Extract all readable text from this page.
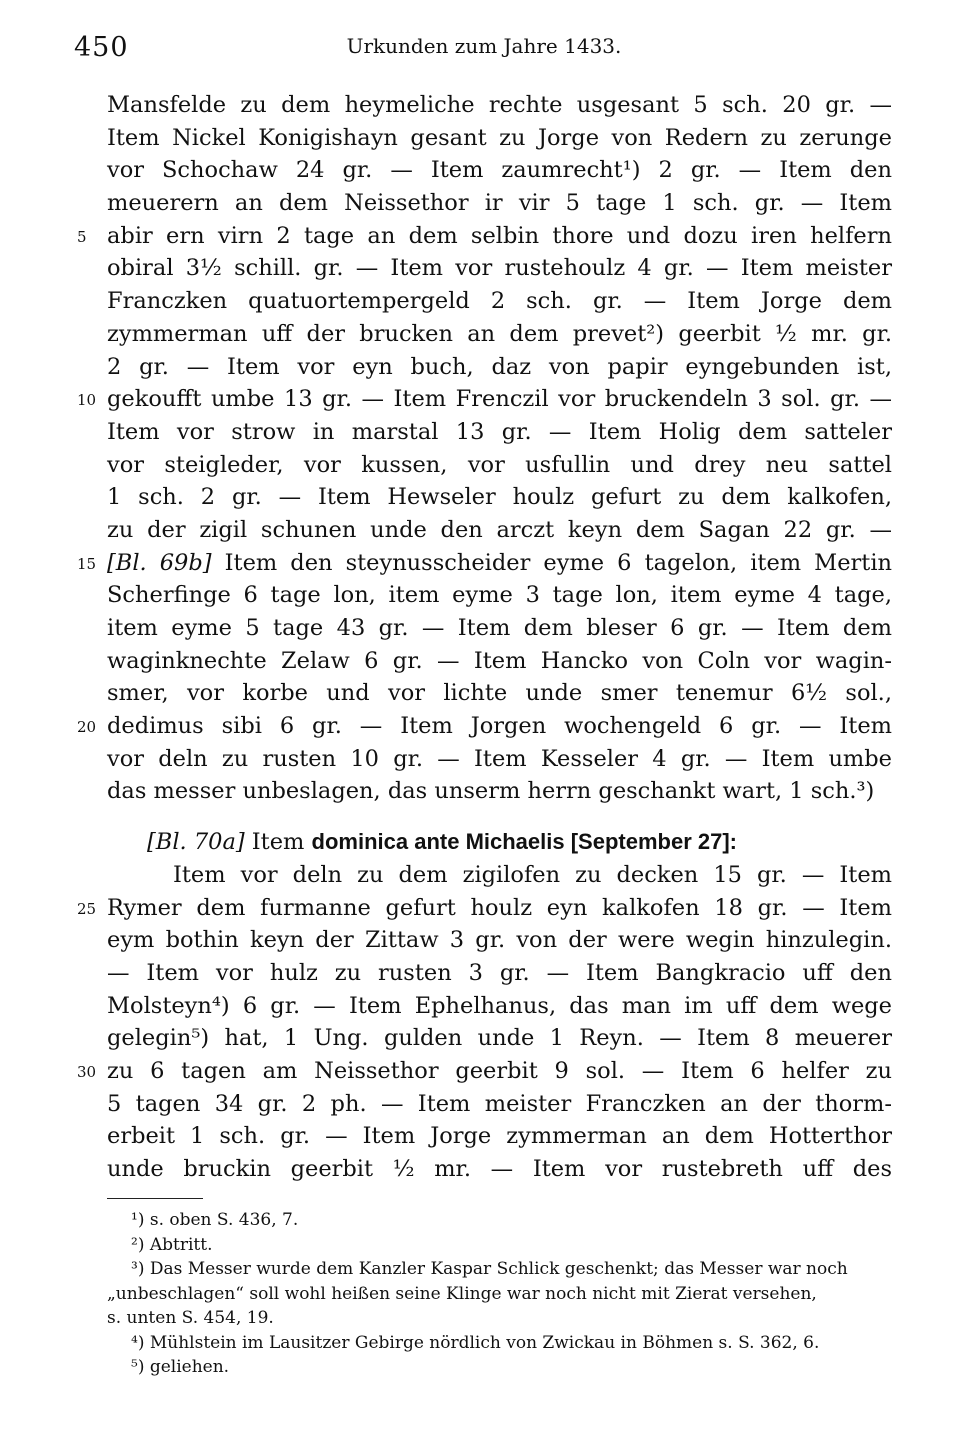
450	Urkunden zum Jahre 1433.
Mansfelde zu dem heymeliche rechte usgesant 5 sch. 20 gr. —
Item Nickel Konigishayn gesant zu Jorge von Redern zu zerunge
vor Schochaw 24 gr. — Item zaumrecht¹) 2 gr. — Item den
meuerern an dem Neissethor ir vir 5 tage 1 sch. gr. — Item
5 abir ern virn 2 tage an dem selbin thore und dozu iren helfern
obiral 3½ schill. gr. — Item vor rustehoulz 4 gr. — Item meister
Franczken quatuortempergeld 2 sch. gr. — Item Jorge dem
zymmerman uff der brucken an dem prevet²) geerbit ½ mr. gr.
2 gr. — Item vor eyn buch, daz von papir eyngebunden ist,
10 gekoufft umbe 13 gr. — Item Frenczil vor bruckendeln 3 sol. gr. —
Item vor strow in marstal 13 gr. — Item Holig dem satteler
vor steigleder, vor kussen, vor usfullin und drey neu sattel
1 sch. 2 gr. — Item Hewseler houlz gefurt zu dem kalkofen,
zu der zigil schunen unde den arczt keyn dem Sagan 22 gr. —
15 [Bl. 69b] Item den steynusscheider eyme 6 tagelon, item Mertin
Scherfinge 6 tage lon, item eyme 3 tage lon, item eyme 4 tage,
item eyme 5 tage 43 gr. — Item dem bleser 6 gr. — Item dem
waginknechte Zelaw 6 gr. — Item Hancko von Coln vor wagin-
smer, vor korbe und vor lichte unde smer tenemur 6½ sol.,
20 dedimus sibi 6 gr. — Item Jorgen wochengeld 6 gr. — Item
vor deln zu rusten 10 gr. — Item Kesseler 4 gr. — Item umbe
das messer unbeslagen, das unserm herrn geschankt wart, 1 sch.³)
[Bl. 70a] Item dominica ante Michaelis [September 27]:
Item vor deln zu dem zigilofen zu decken 15 gr. — Item
25 Rymer dem furmanne gefurt houlz eyn kalkofen 18 gr. — Item
eym bothin keyn der Zittaw 3 gr. von der were wegin hinzulegin.
— Item vor hulz zu rusten 3 gr. — Item Bangkracio uff den
Molsteyn⁴) 6 gr. — Item Ephelhanus, das man im uff dem wege
gelegin⁵) hat, 1 Ung. gulden unde 1 Reyn. — Item 8 meuerer
30 zu 6 tagen am Neissethor geerbit 9 sol. — Item 6 helfer zu
5 tagen 34 gr. 2 ph. — Item meister Franczken an der thorm-
erbeit 1 sch. gr. — Item Jorge zymmerman an dem Hotterthor
unde bruckin geerbit ½ mr. — Item vor rustebreth uff des
¹) s. oben S. 436, 7.
²) Abtritt.
³) Das Messer wurde dem Kanzler Kaspar Schlick geschenkt; das Messer war noch
„unbeschlagen“ soll wohl heißen seine Klinge war noch nicht mit Zierat versehen,
s. unten S. 454, 19.
⁴) Mühlstein im Lausitzer Gebirge nördlich von Zwickau in Böhmen s. S. 362, 6.
⁵) geliehen.
